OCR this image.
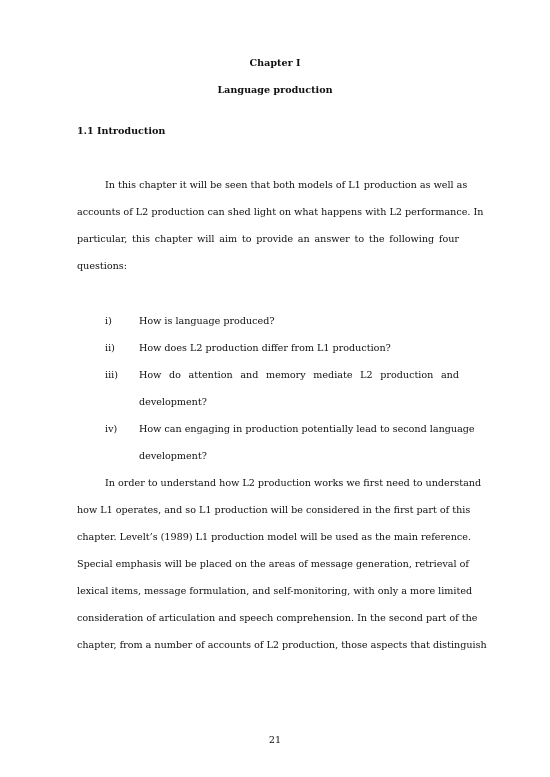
Chapter I
Language production
1.1 Introduction
In this chapter it will be seen that both models of L1 production as well as
accounts of L2 production can shed light on what happens with L2 performance. In
particular, this chapter will aim to provide an answer to the following four
questions:
i)	How is language produced?
ii)	How does L2 production differ from L1 production?
iii) How do attention and memory mediate L2 production and
development?
iv) How can engaging in production potentially lead to second language
development?
In order to understand how L2 production works we first need to understand
how L1 operates, and so L1 production will be considered in the first part of this
chapter. Levelt’s (1989) L1 production model will be used as the main reference.
Special emphasis will be placed on the areas of message generation, retrieval of
lexical items, message formulation, and self-monitoring, with only a more limited
consideration of articulation and speech comprehension. In the second part of the
chapter, from a number of accounts of L2 production, those aspects that distinguish
21
